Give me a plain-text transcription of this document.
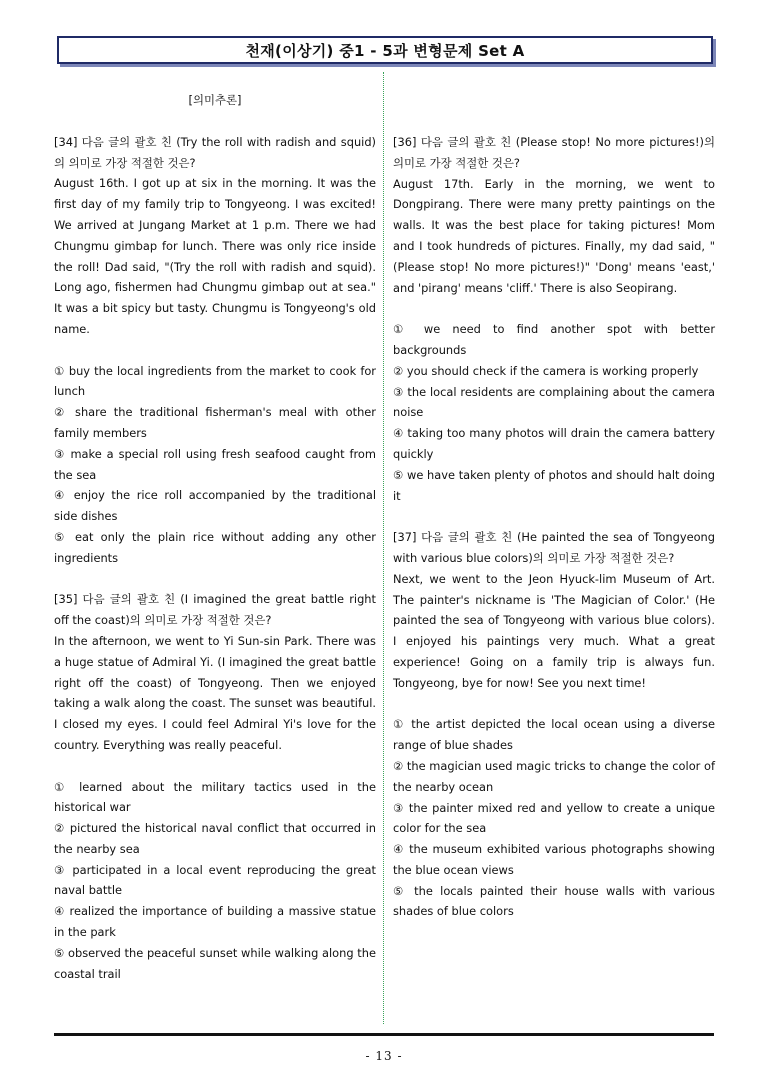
천재(이상기) 중1 - 5과 변형문제 Set A
[의미추론]
[34] 다음 글의 괄호 친 (Try the roll with radish and squid)의 의미로 가장 적절한 것은?
August 16th. I got up at six in the morning. It was the first day of my family trip to Tongyeong. I was excited! We arrived at Jungang Market at 1 p.m. There we had Chungmu gimbap for lunch. There was only rice inside the roll! Dad said, "(Try the roll with radish and squid). Long ago, fishermen had Chungmu gimbap out at sea." It was a bit spicy but tasty. Chungmu is Tongyeong's old name.
① buy the local ingredients from the market to cook for lunch
② share the traditional fisherman's meal with other family members
③ make a special roll using fresh seafood caught from the sea
④ enjoy the rice roll accompanied by the traditional side dishes
⑤ eat only the plain rice without adding any other ingredients
[35] 다음 글의 괄호 친 (I imagined the great battle right off the coast)의 의미로 가장 적절한 것은?
In the afternoon, we went to Yi Sun-sin Park. There was a huge statue of Admiral Yi. (I imagined the great battle right off the coast) of Tongyeong. Then we enjoyed taking a walk along the coast. The sunset was beautiful. I closed my eyes. I could feel Admiral Yi's love for the country. Everything was really peaceful.
① learned about the military tactics used in the historical war
② pictured the historical naval conflict that occurred in the nearby sea
③ participated in a local event reproducing the great naval battle
④ realized the importance of building a massive statue in the park
⑤ observed the peaceful sunset while walking along the coastal trail
[36] 다음 글의 괄호 친 (Please stop! No more pictures!)의 의미로 가장 적절한 것은?
August 17th. Early in the morning, we went to Dongpirang. There were many pretty paintings on the walls. It was the best place for taking pictures! Mom and I took hundreds of pictures. Finally, my dad said, "(Please stop! No more pictures!)" 'Dong' means 'east,' and 'pirang' means 'cliff.' There is also Seopirang.
① we need to find another spot with better backgrounds
② you should check if the camera is working properly
③ the local residents are complaining about the camera noise
④ taking too many photos will drain the camera battery quickly
⑤ we have taken plenty of photos and should halt doing it
[37] 다음 글의 괄호 친 (He painted the sea of Tongyeong with various blue colors)의 의미로 가장 적절한 것은?
Next, we went to the Jeon Hyuck-lim Museum of Art. The painter's nickname is 'The Magician of Color.' (He painted the sea of Tongyeong with various blue colors). I enjoyed his paintings very much. What a great experience! Going on a family trip is always fun. Tongyeong, bye for now! See you next time!
① the artist depicted the local ocean using a diverse range of blue shades
② the magician used magic tricks to change the color of the nearby ocean
③ the painter mixed red and yellow to create a unique color for the sea
④ the museum exhibited various photographs showing the blue ocean views
⑤ the locals painted their house walls with various shades of blue colors
- 13 -
